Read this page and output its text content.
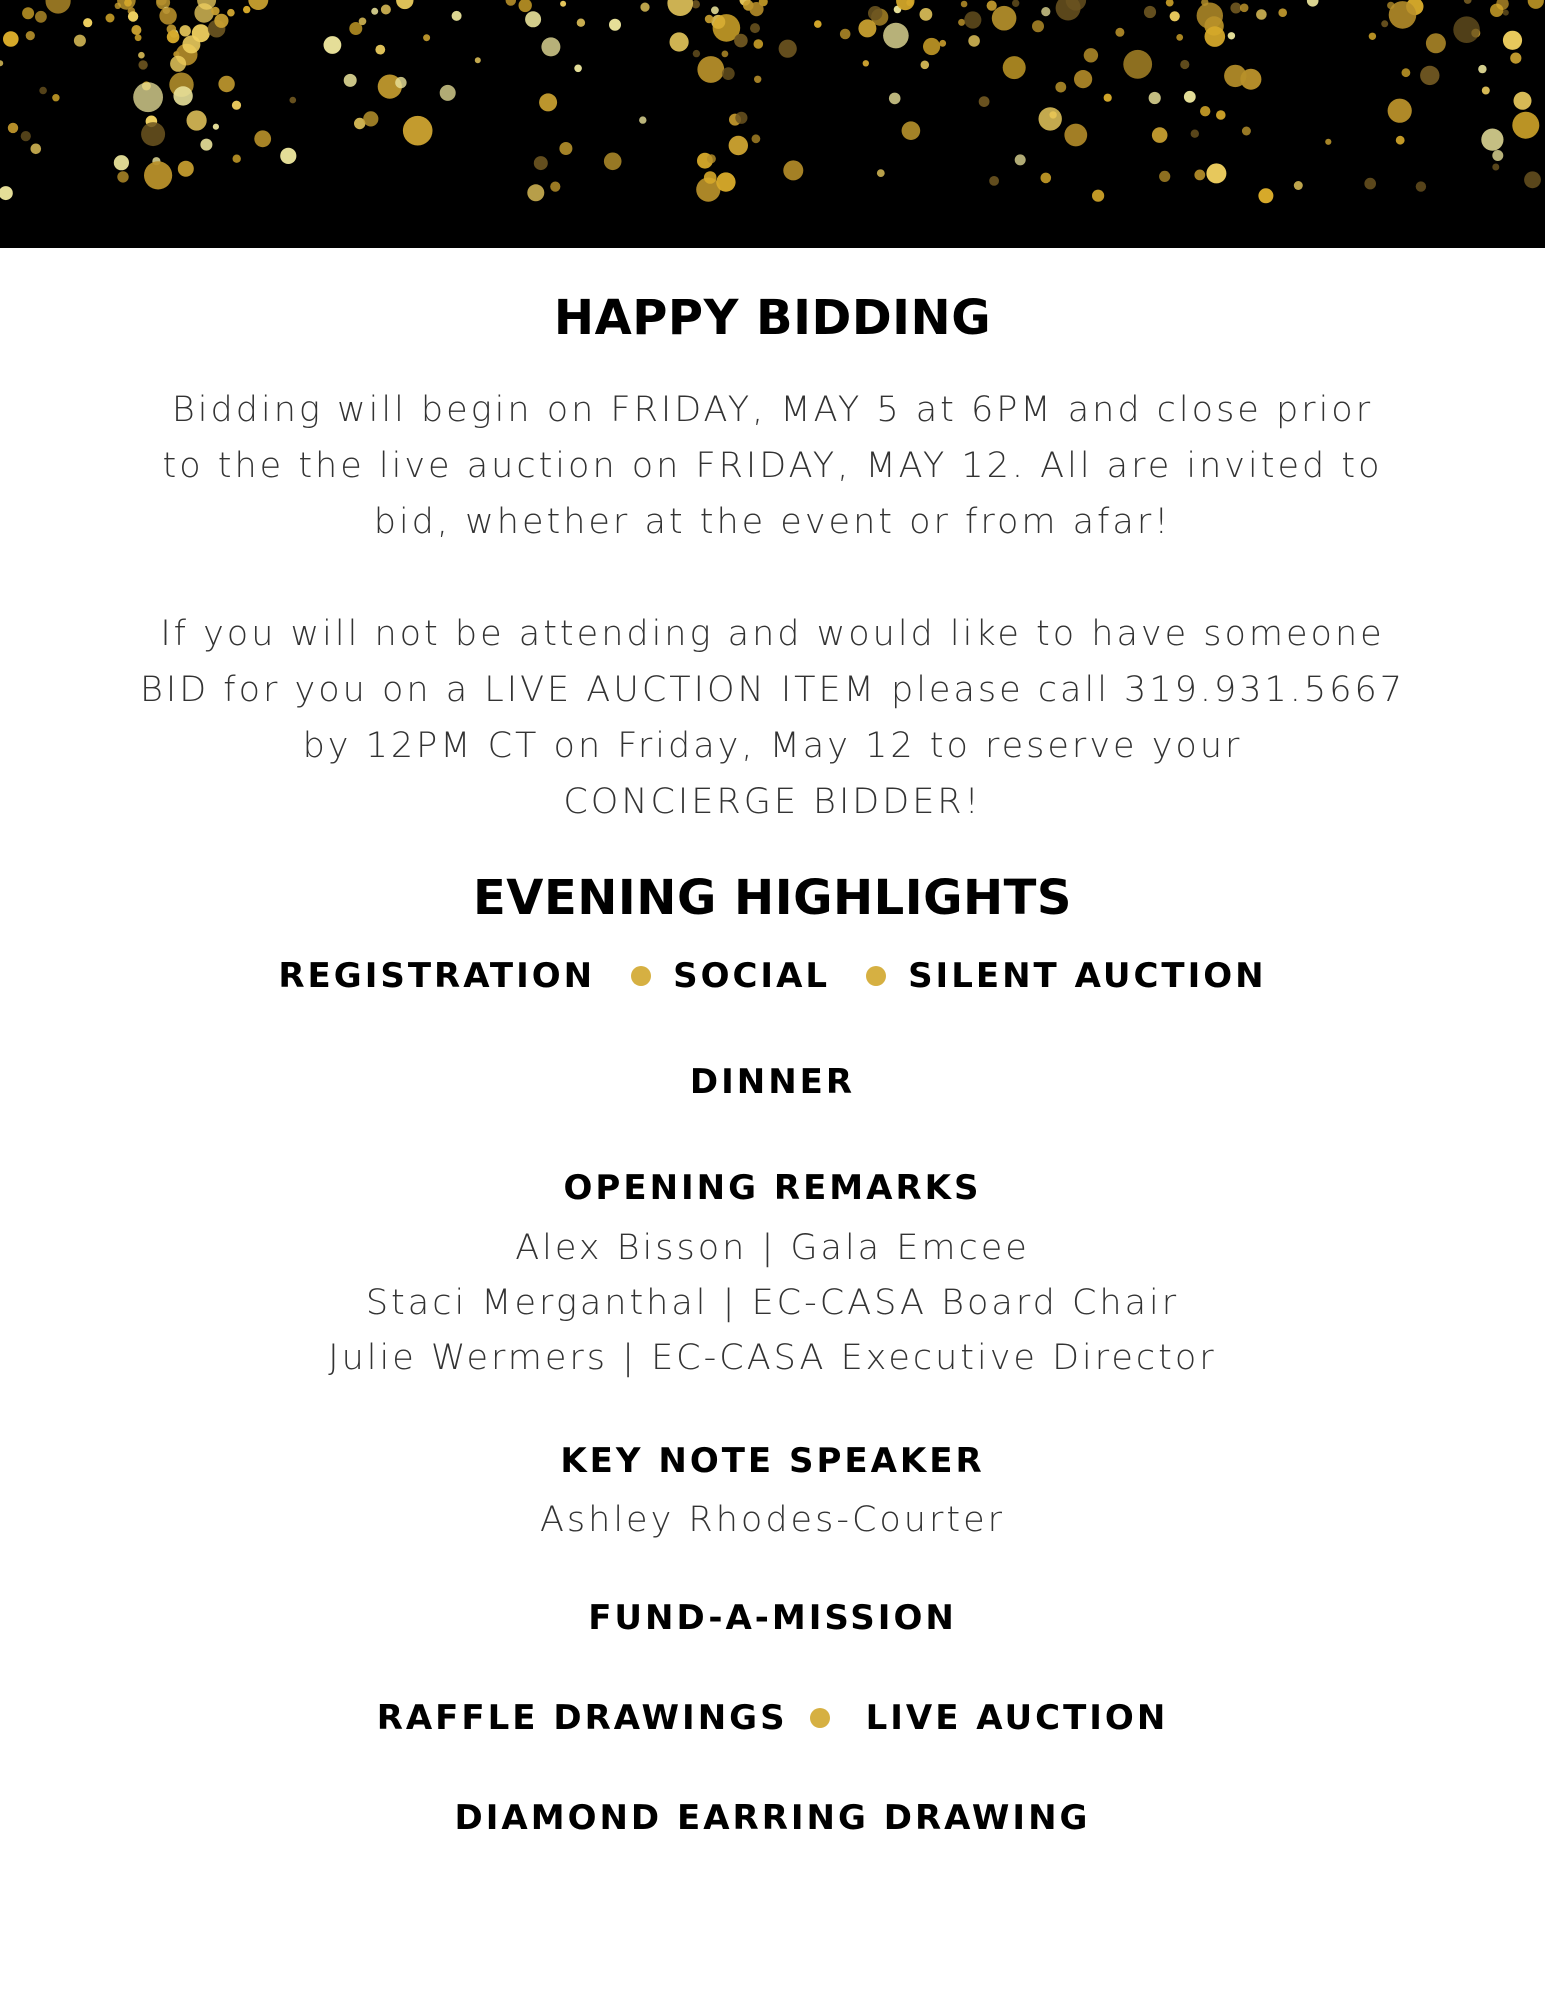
HAPPY BIDDING
Bidding will begin on FRIDAY, MAY 5 at 6PM and close prior
to the the live auction on FRIDAY, MAY 12. All are invited to
bid, whether at the event or from afar!
If you will not be attending and would like to have someone
BID for you on a LIVE AUCTION ITEM please call 319.931.5667
by 12PM CT on Friday, May 12 to reserve your
CONCIERGE BIDDER!
EVENING HIGHLIGHTS
REGISTRATION SOCIAL SILENT AUCTION
DINNER
OPENING REMARKS
Alex Bisson | Gala Emcee
Staci Merganthal | EC-CASA Board Chair
Julie Wermers | EC-CASA Executive Director
KEY NOTE SPEAKER
Ashley Rhodes-Courter
FUND-A-MISSION
RAFFLE DRAWINGS LIVE AUCTION
DIAMOND EARRING DRAWING
